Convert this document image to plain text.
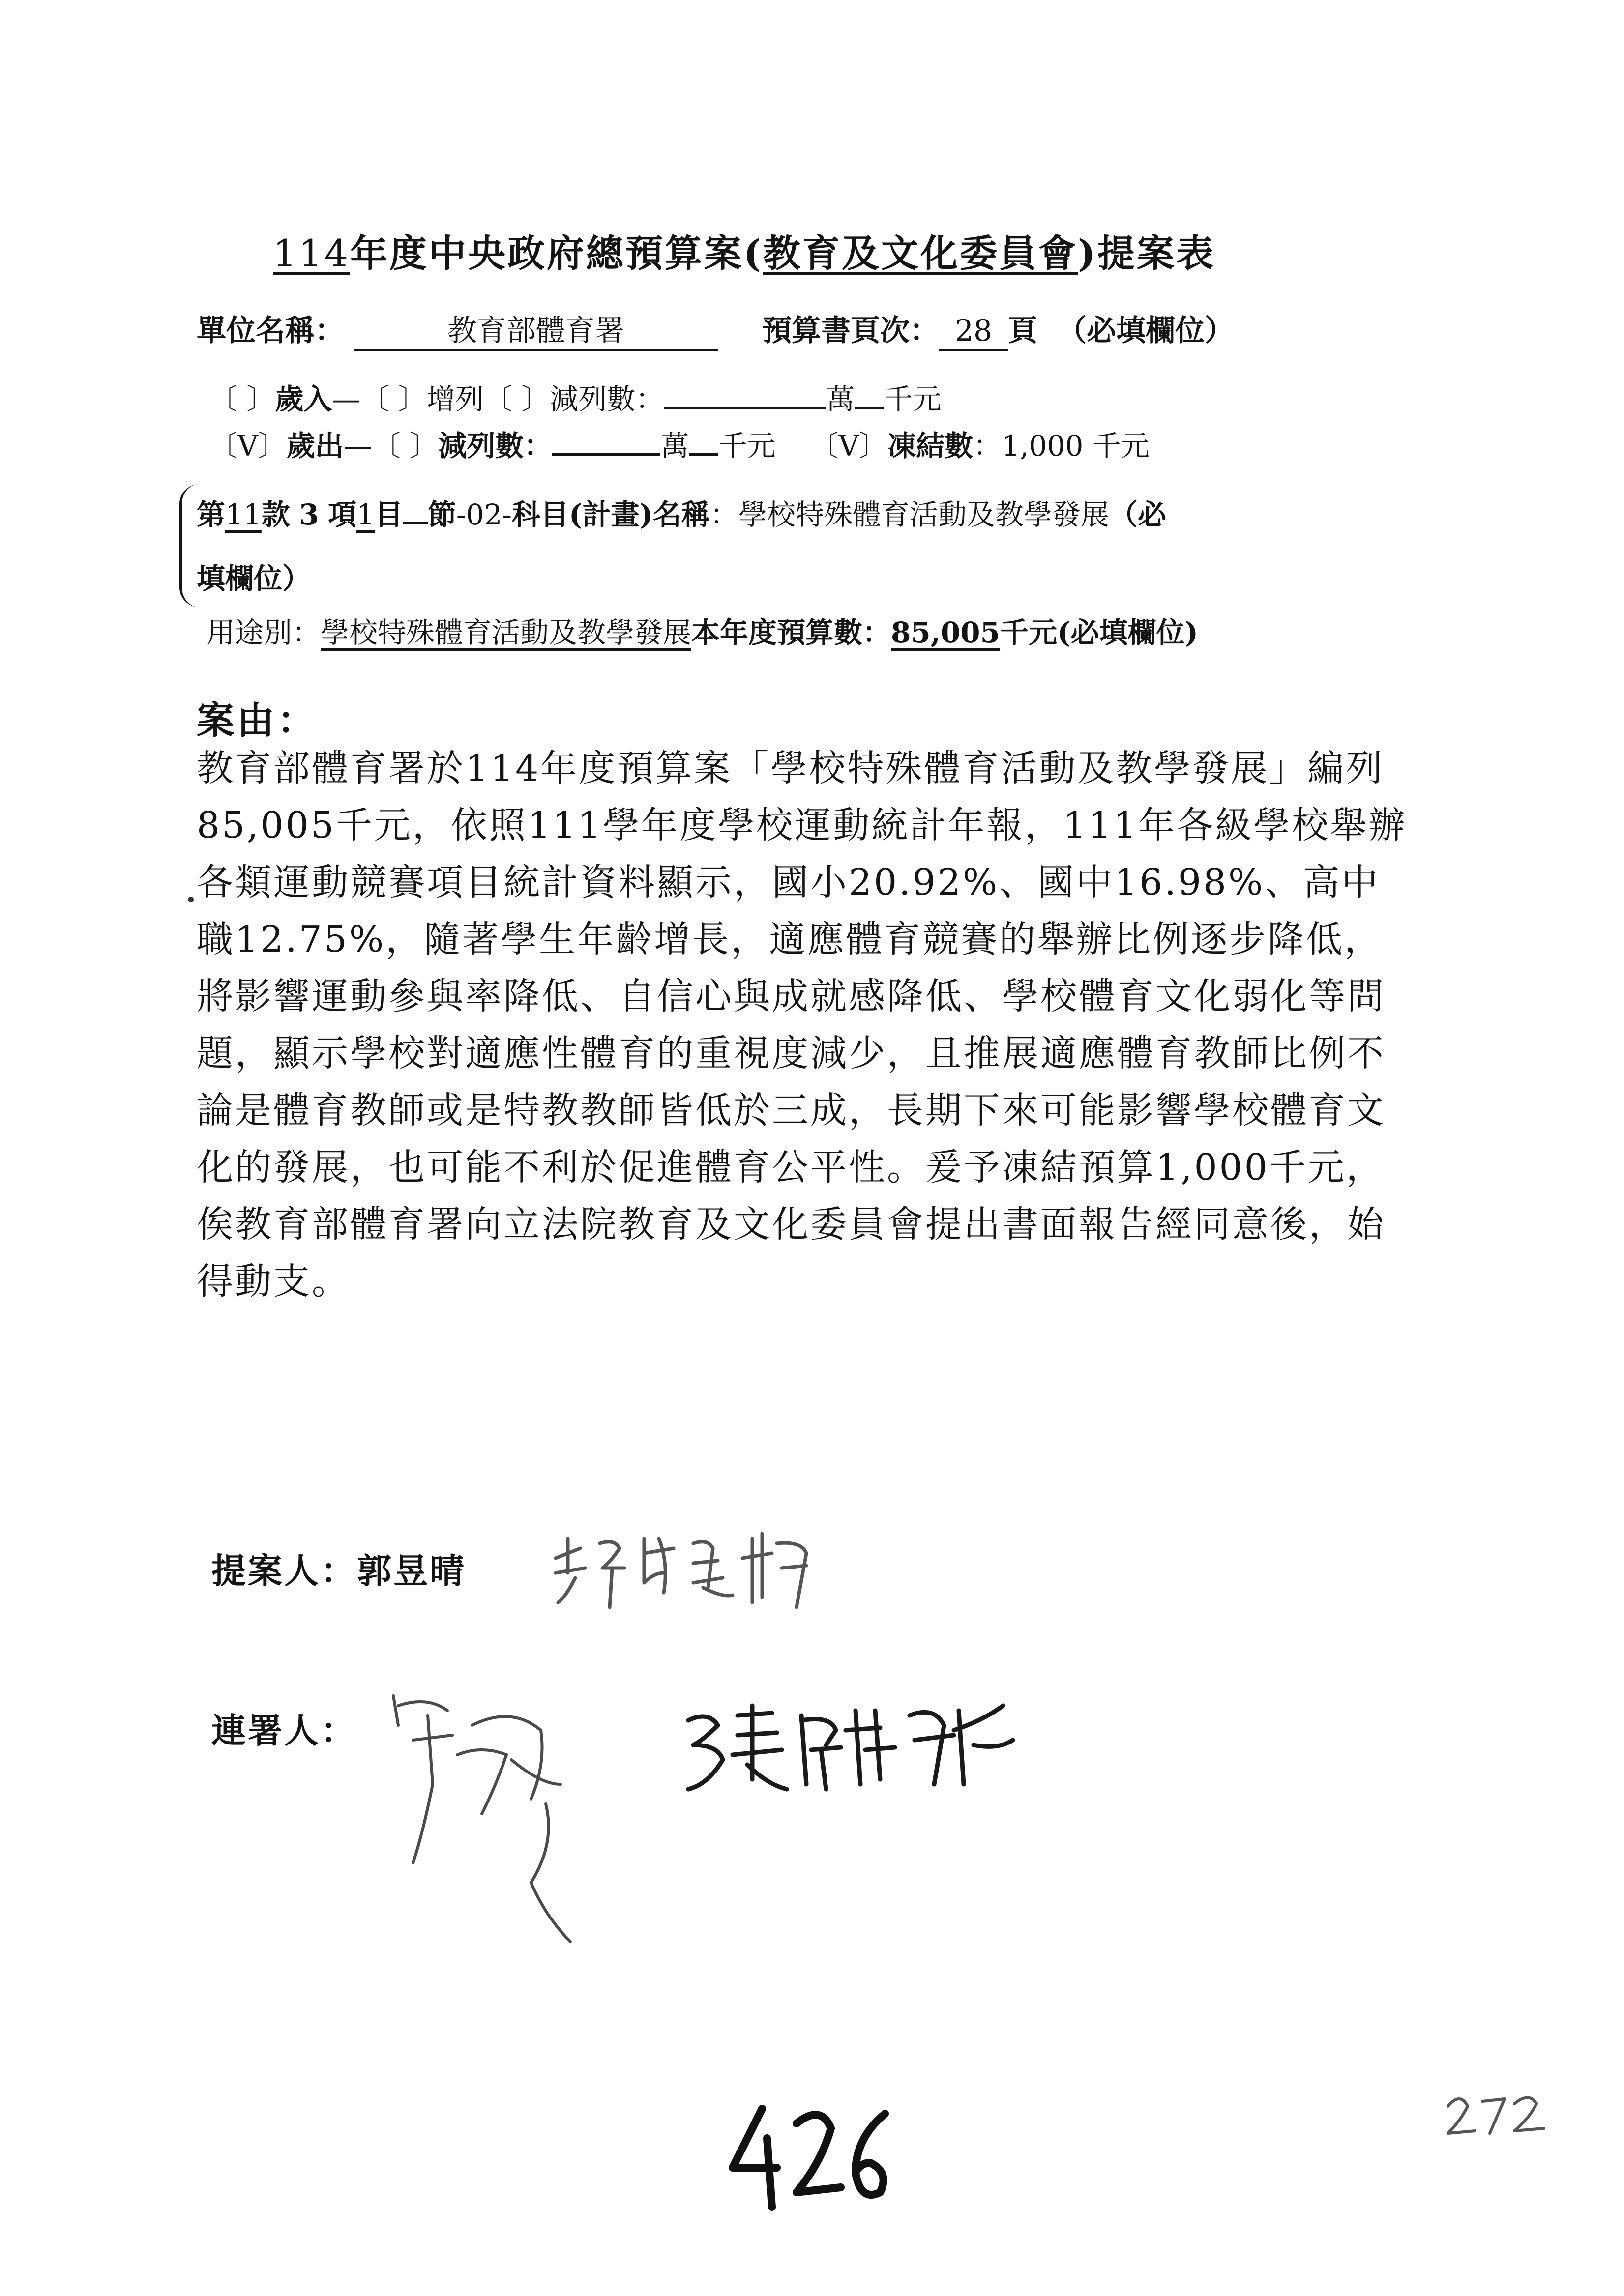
114年度中央政府總預算案(教育及文化委員會)提案表
單位名稱：	教育部體育署	預算書頁次： 28 頁 （必填欄位）
〔 〕歲入—〔 〕增列〔 〕減列數：	萬 千元
〔V〕歲出—〔 〕減列數：	萬 千元 〔V〕凍結數：1,000 千元
第11款 3 項1目 節-02-科目(計畫)名稱：學校特殊體育活動及教學發展（必
填欄位）
用途別：學校特殊體育活動及教學發展本年度預算數：85,005千元(必填欄位)
案由：
教育部體育署於114年度預算案「學校特殊體育活動及教學發展」編列85,005千元，依照111學年度學校運動統計年報，111年各級學校舉辦各類運動競賽項目統計資料顯示，國小20.92%、國中16.98%、高中職12.75%，隨著學生年齡增長，適應體育競賽的舉辦比例逐步降低，將影響運動參與率降低、自信心與成就感降低、學校體育文化弱化等問題，顯示學校對適應性體育的重視度減少，且推展適應體育教師比例不論是體育教師或是特教教師皆低於三成，長期下來可能影響學校體育文化的發展，也可能不利於促進體育公平性。爰予凍結預算1,000千元，俟教育部體育署向立法院教育及文化委員會提出書面報告經同意後，始得動支。
提案人：郭昱晴
連署人：
